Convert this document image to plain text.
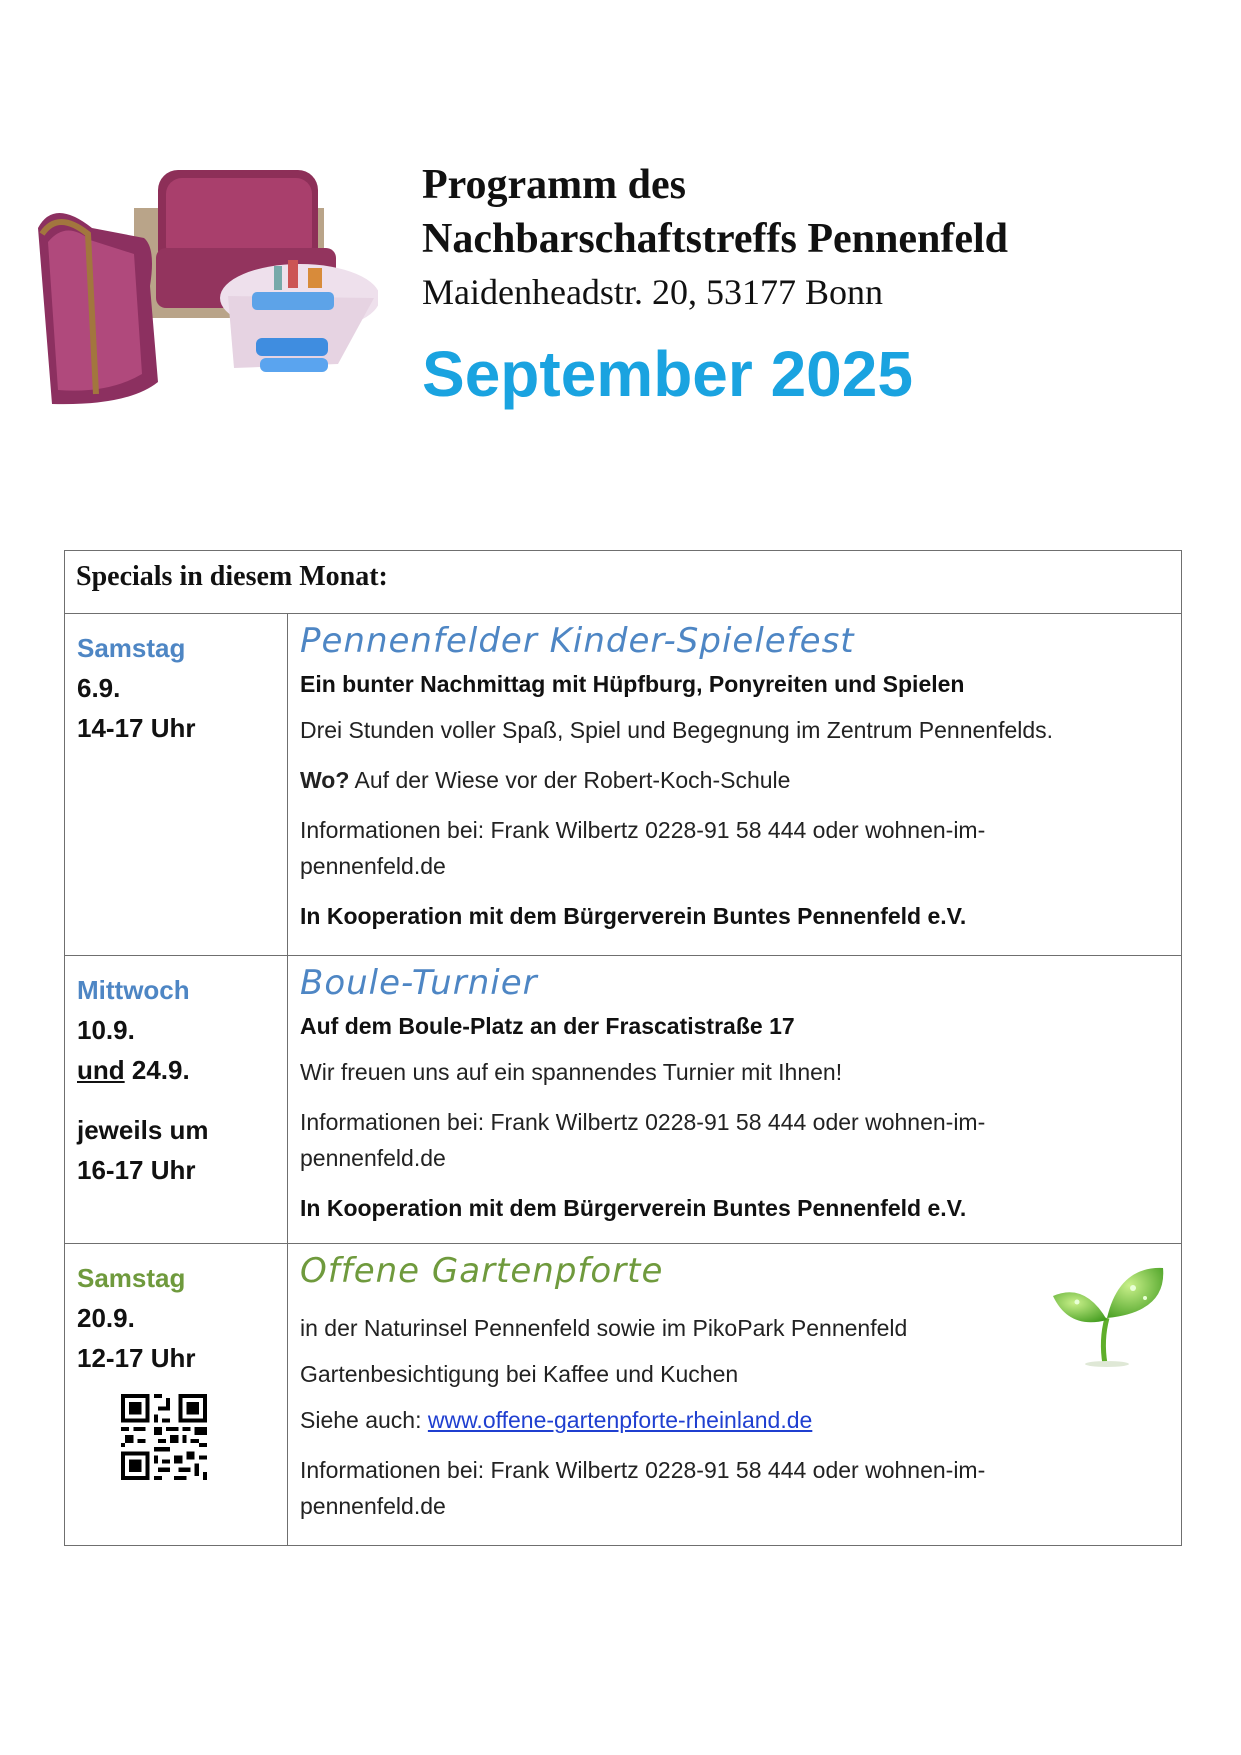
Programm des
Nachbarschaftstreffs Pennenfeld
Maidenheadstr. 20, 53177 Bonn
September 2025
Specials in diesem Monat:
Samstag
6.9.
14-17 Uhr
Pennenfelder Kinder-Spielefest
Ein bunter Nachmittag mit Hüpfburg, Ponyreiten und Spielen
Drei Stunden voller Spaß, Spiel und Begegnung im Zentrum Pennenfelds.
Wo? Auf der Wiese vor der Robert-Koch-Schule
Informationen bei: Frank Wilbertz 0228-91 58 444 oder wohnen-im-
pennenfeld.de
In Kooperation mit dem Bürgerverein Buntes Pennenfeld e.V.
Mittwoch
10.9.
und 24.9.
jeweils um
16-17 Uhr
Boule-Turnier
Auf dem Boule-Platz an der Frascatistraße 17
Wir freuen uns auf ein spannendes Turnier mit Ihnen!
Informationen bei: Frank Wilbertz 0228-91 58 444 oder wohnen-im-
pennenfeld.de
In Kooperation mit dem Bürgerverein Buntes Pennenfeld e.V.
Samstag
20.9.
12-17 Uhr
Offene Gartenpforte
in der Naturinsel Pennenfeld sowie im PikoPark Pennenfeld
Gartenbesichtigung bei Kaffee und Kuchen
Siehe auch: www.offene-gartenpforte-rheinland.de
Informationen bei: Frank Wilbertz 0228-91 58 444 oder wohnen-im-
pennenfeld.de
